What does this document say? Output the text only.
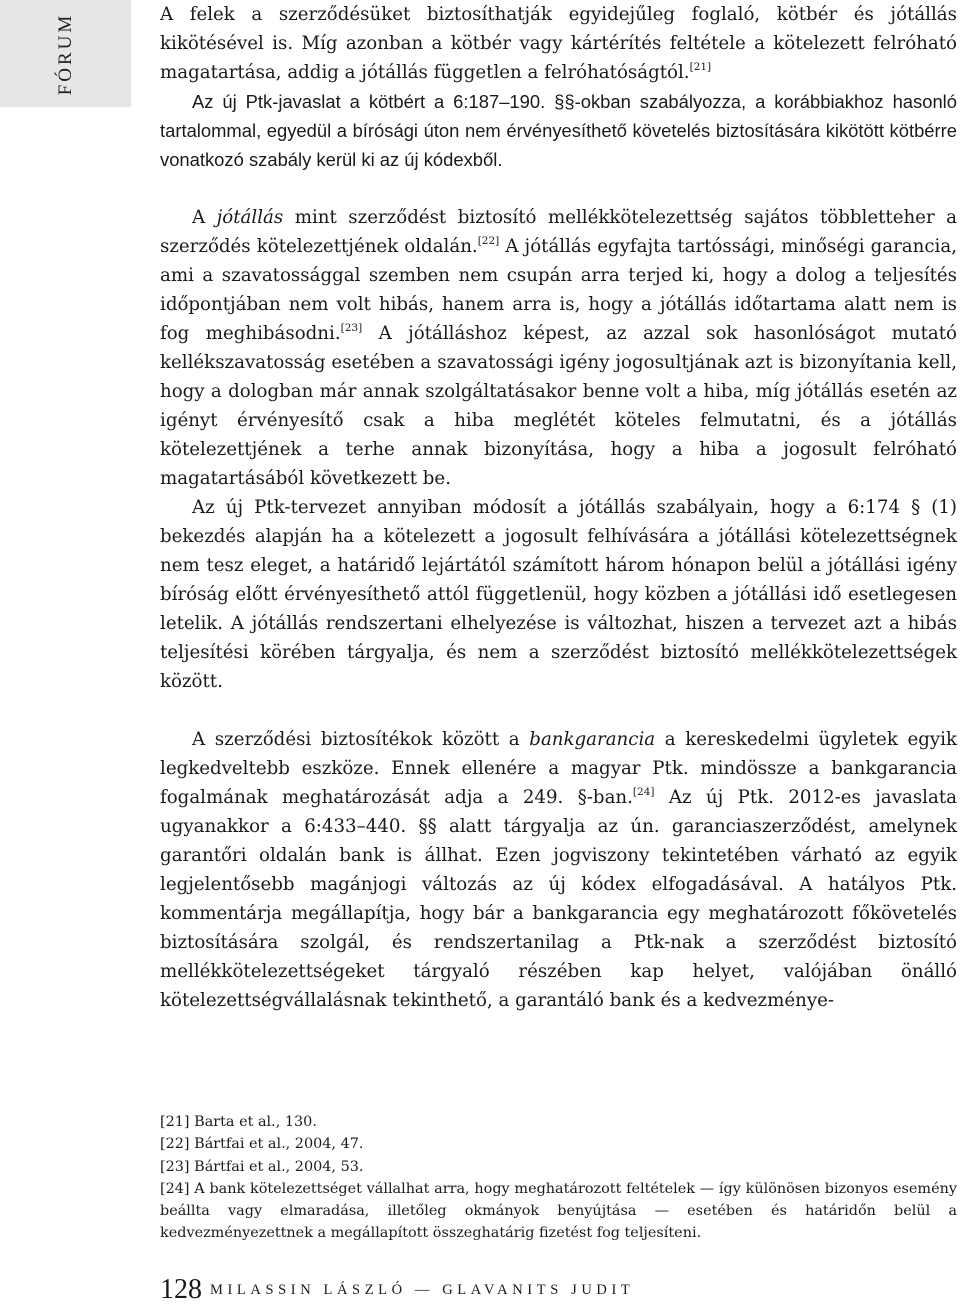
FÓRUM	A felek a szerződésüket biztosíthatják egyidejűleg foglaló, kötbér és jótállás kikötésével is. Míg azonban a kötbér vagy kártérítés feltétele a kötelezett felróható magatartása, addig a jótállás független a felróhatóságtól.[21]

Az új Ptk-javaslat a kötbért a 6:187–190. §§-okban szabályozza, a korábbiakhoz hasonló tartalommal, egyedül a bírósági úton nem érvényesíthető követelés biztosítására kikötött kötbérre vonatkozó szabály kerül ki az új kódexből.

A jótállás mint szerződést biztosító mellékkötelezettség sajátos többletteher a szerződés kötelezettjének oldalán.[22] A jótállás egyfajta tartóssági, minőségi garancia, ami a szavatossággal szemben nem csupán arra terjed ki, hogy a dolog a teljesítés időpontjában nem volt hibás, hanem arra is, hogy a jótállás időtartama alatt nem is fog meghibásodni.[23] A jótálláshoz képest, az azzal sok hasonlóságot mutató kellékszavatosság esetében a szavatossági igény jogosultjának azt is bizonyítania kell, hogy a dologban már annak szolgáltatásakor benne volt a hiba, míg jótállás esetén az igényt érvényesítő csak a hiba meglétét köteles felmutatni, és a jótállás kötelezettjének a terhe annak bizonyítása, hogy a hiba a jogosult felróható magatartásából következett be.

Az új Ptk-tervezet annyiban módosít a jótállás szabályain, hogy a 6:174 § (1) bekezdés alapján ha a kötelezett a jogosult felhívására a jótállási kötelezettségnek nem tesz eleget, a határidő lejártától számított három hónapon belül a jótállási igény bíróság előtt érvényesíthető attól függetlenül, hogy közben a jótállási idő esetlegesen letelik. A jótállás rendszertani elhelyezése is változhat, hiszen a tervezet azt a hibás teljesítési körében tárgyalja, és nem a szerződést biztosító mellékkötelezettségek között.

A szerződési biztosítékok között a bankgarancia a kereskedelmi ügyletek egyik legkedveltebb eszköze. Ennek ellenére a magyar Ptk. mindössze a bankgarancia fogalmának meghatározását adja a 249. §-ban.[24] Az új Ptk. 2012-es javaslata ugyanakkor a 6:433–440. §§ alatt tárgyalja az ún. garanciaszerződést, amelynek garantőri oldalán bank is állhat. Ezen jogviszony tekintetében várható az egyik legjelentősebb magánjogi változás az új kódex elfogadásával. A hatályos Ptk. kommentárja megállapítja, hogy bár a bankgarancia egy meghatározott főkövetelés biztosítására szolgál, és rendszertanilag a Ptk-nak a szerződést biztosító mellékkötelezettségeket tárgyaló részében kap helyet, valójában önálló kötelezettségvállalásnak tekinthető, a garantáló bank és a kedvezménye-

[21] Barta et al., 130.
[22] Bártfai et al., 2004, 47.
[23] Bártfai et al., 2004, 53.
[24] A bank kötelezettséget vállalhat arra, hogy meghatározott feltételek — így különösen bizonyos esemény beállta vagy elmaradása, illetőleg okmányok benyújtása — esetében és határidőn belül a kedvezményezettnek a megállapított összeghatárig fizetést fog teljesíteni.
128 MILASSIN LÁSZLÓ — GLAVANITS JUDIT
